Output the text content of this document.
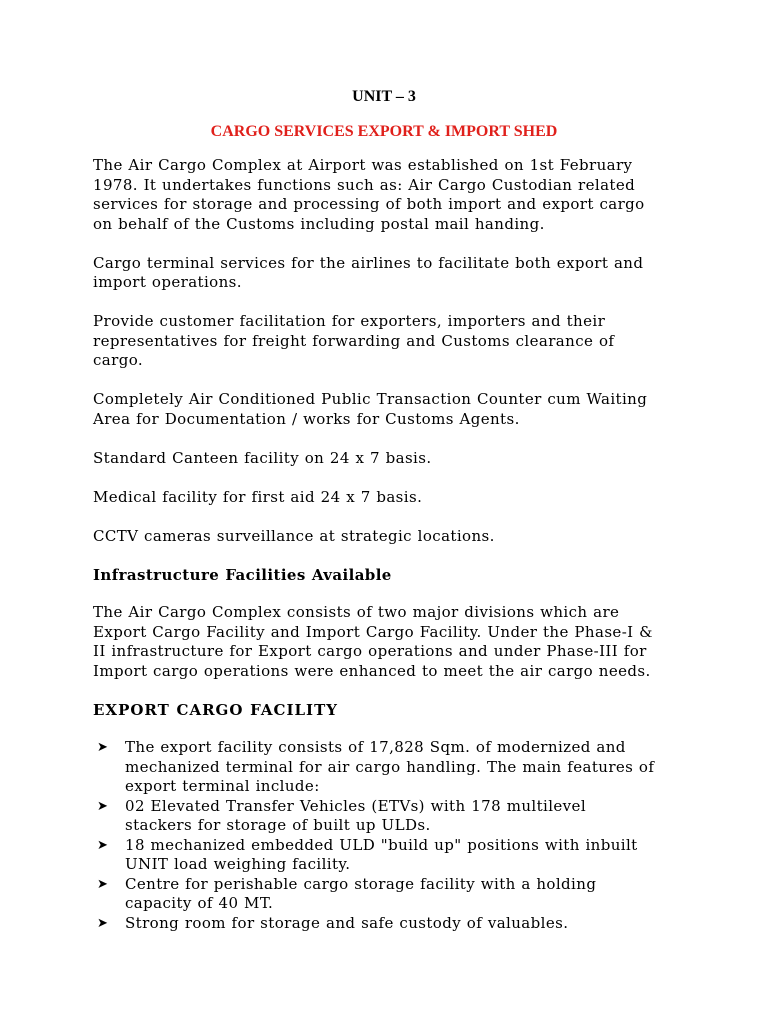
UNIT – 3
CARGO SERVICES EXPORT & IMPORT SHED

The Air Cargo Complex at Airport was established on 1st February
1978. It undertakes functions such as: Air Cargo Custodian related
services for storage and processing of both import and export cargo
on behalf of the Customs including postal mail handing.

Cargo terminal services for the airlines to facilitate both export and
import operations.

Provide customer facilitation for exporters, importers and their
representatives for freight forwarding and Customs clearance of
cargo.

Completely Air Conditioned Public Transaction Counter cum Waiting
Area for Documentation / works for Customs Agents.

Standard Canteen facility on 24 x 7 basis.

Medical facility for first aid 24 x 7 basis.

CCTV cameras surveillance at strategic locations.

Infrastructure Facilities Available

The Air Cargo Complex consists of two major divisions which are
Export Cargo Facility and Import Cargo Facility. Under the Phase-I &
II infrastructure for Export cargo operations and under Phase-III for
Import cargo operations were enhanced to meet the air cargo needs.

EXPORT CARGO FACILITY
➤ The export facility consists of 17,828 Sqm. of modernized and
mechanized terminal for air cargo handling. The main features of
export terminal include:
➤ 02 Elevated Transfer Vehicles (ETVs) with 178 multilevel
stackers for storage of built up ULDs.
➤ 18 mechanized embedded ULD "build up" positions with inbuilt
UNIT load weighing facility.
➤ Centre for perishable cargo storage facility with a holding
capacity of 40 MT.
➤ Strong room for storage and safe custody of valuables.
